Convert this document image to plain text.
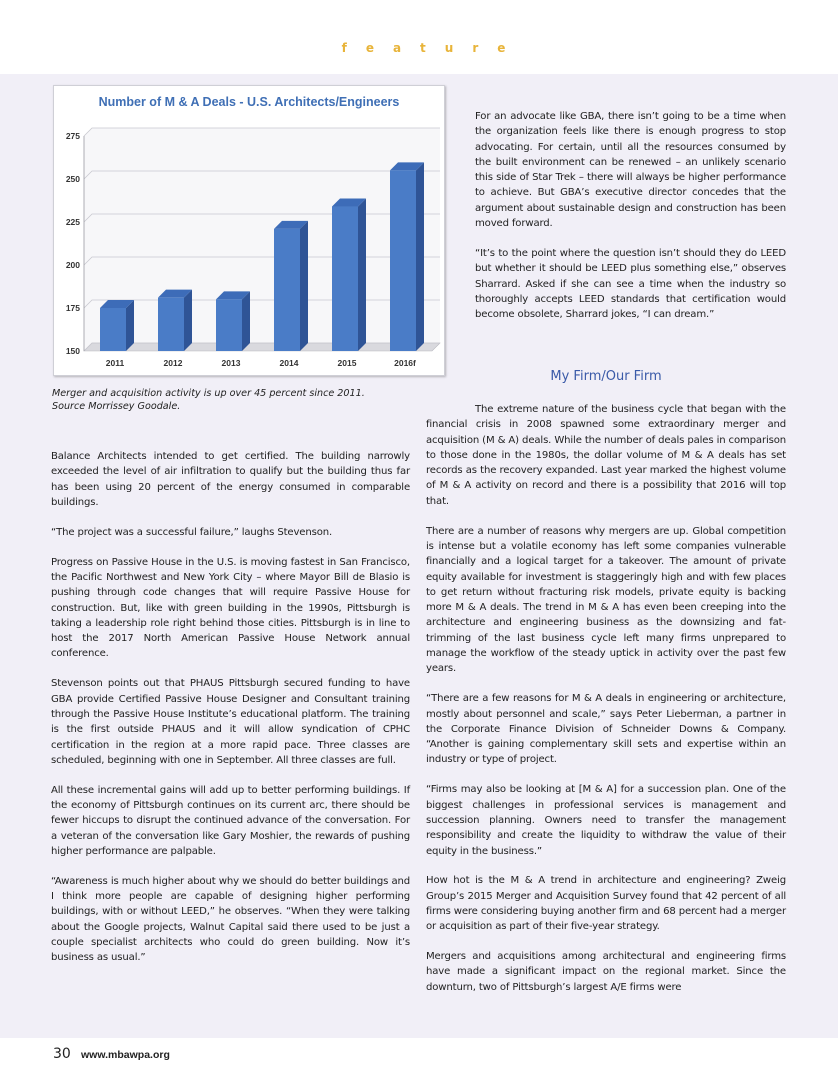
feature
Number of M & A Deals - U.S. Architects/Engineers
150
175
200
225
250
275
2011	2012	2013	2014	2015	2016f
Merger and acquisition activity is up over 45 percent since 2011.
Source Morrissey Goodale.

Balance Architects intended to get certified. The building narrowly exceeded the level of air infiltration to qualify but the building thus far has been using 20 percent of the energy consumed in comparable buildings.

“The project was a successful failure,” laughs Stevenson.

Progress on Passive House in the U.S. is moving fastest in San Francisco, the Pacific Northwest and New York City – where Mayor Bill de Blasio is pushing through code changes that will require Passive House for construction. But, like with green building in the 1990s, Pittsburgh is taking a leadership role right behind those cities. Pittsburgh is in line to host the 2017 North American Passive House Network annual conference.

Stevenson points out that PHAUS Pittsburgh secured funding to have GBA provide Certified Passive House Designer and Consultant training through the Passive House Institute’s educational platform. The training is the first outside PHAUS and it will allow syndication of CPHC certification in the region at a more rapid pace. Three classes are scheduled, beginning with one in September. All three classes are full.

All these incremental gains will add up to better performing buildings. If the economy of Pittsburgh continues on its current arc, there should be fewer hiccups to disrupt the continued advance of the conversation. For a veteran of the conversation like Gary Moshier, the rewards of pushing higher performance are palpable.

“Awareness is much higher about why we should do better buildings and I think more people are capable of designing higher performing buildings, with or without LEED,” he observes. “When they were talking about the Google projects, Walnut Capital said there used to be just a couple specialist architects who could do green building. Now it’s business as usual.”

For an advocate like GBA, there isn’t going to be a time when the organization feels like there is enough progress to stop advocating. For certain, until all the resources consumed by the built environment can be renewed – an unlikely scenario this side of Star Trek – there will always be higher performance to achieve. But GBA’s executive director concedes that the argument about sustainable design and construction has been moved forward.

“It’s to the point where the question isn’t should they do LEED but whether it should be LEED plus something else,” observes Sharrard. Asked if she can see a time when the industry so thoroughly accepts LEED standards that certification would become obsolete, Sharrard jokes, “I can dream.”

My Firm/Our Firm

The extreme nature of the business cycle that began with the financial crisis in 2008 spawned some extraordinary merger and acquisition (M & A) deals. While the number of deals pales in comparison to those done in the 1980s, the dollar volume of M & A deals has set records as the recovery expanded. Last year marked the highest volume of M & A activity on record and there is a possibility that 2016 will top that.

There are a number of reasons why mergers are up. Global competition is intense but a volatile economy has left some companies vulnerable financially and a logical target for a takeover. The amount of private equity available for investment is staggeringly high and with few places to get return without fracturing risk models, private equity is backing more M & A deals. The trend in M & A has even been creeping into the architecture and engineering business as the downsizing and fat-trimming of the last business cycle left many firms unprepared to manage the workflow of the steady uptick in activity over the past few years.

“There are a few reasons for M & A deals in engineering or architecture, mostly about personnel and scale,” says Peter Lieberman, a partner in the Corporate Finance Division of Schneider Downs & Company. “Another is gaining complementary skill sets and expertise within an industry or type of project.

“Firms may also be looking at [M & A] for a succession plan. One of the biggest challenges in professional services is management and succession planning. Owners need to transfer the management responsibility and create the liquidity to withdraw the value of their equity in the business.”

How hot is the M & A trend in architecture and engineering? Zweig Group’s 2015 Merger and Acquisition Survey found that 42 percent of all firms were considering buying another firm and 68 percent had a merger or acquisition as part of their five-year strategy.

Mergers and acquisitions among architectural and engineering firms have made a significant impact on the regional market. Since the downturn, two of Pittsburgh’s largest A/E firms were

30 www.mbawpa.org
